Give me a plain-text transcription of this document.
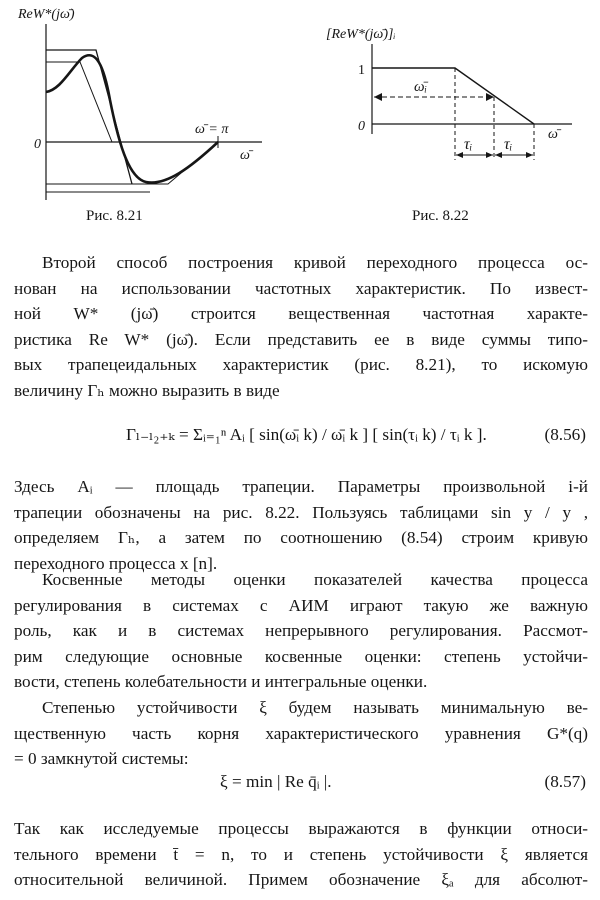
ReW*(jω̄)
0
ω̄
ω̄ = π
Рис. 8.21
[ReW*(jω̄)]ᵢ
1
0
ω̄
ω̄ᵢ
τᵢ τᵢ
Рис. 8.22
Второй способ построения кривой переходного процесса ос-
нован на использовании частотных характеристик. По извест-
ной W* (jω̄) строится вещественная частотная характе-
ристика Re W* (jω̄). Если представить ее в виде суммы типо-
вых трапецеидальных характеристик (рис. 8.21), то искомую
величину Γₕ можно выразить в виде
Γₗ₋ₗ₂₊ₖ = Σᵢ₌₁ⁿ Aᵢ [ sin(ω̄ᵢ k) / ω̄ᵢ k ] [ sin(τᵢ k) / τᵢ k ].	(8.56)
Здесь Aᵢ — площадь трапеции. Параметры произвольной i-й
трапеции обозначены на рис. 8.22. Пользуясь таблицами sin y / y ,
определяем Γₕ, а затем по соотношению (8.54) строим кривую
переходного процесса x [n].
Косвенные методы оценки показателей качества процесса
регулирования в системах с АИМ играют такую же важную
роль, как и в системах непрерывного регулирования. Рассмот-
рим следующие основные косвенные оценки: степень устойчи-
вости, степень колебательности и интегральные оценки.
Степенью устойчивости ξ будем называть минимальную ве-
щественную часть корня характеристического уравнения G*(q)
= 0 замкнутой системы:
ξ = min | Re q̄ᵢ |.	(8.57)
Так как исследуемые процессы выражаются в функции относи-
тельного времени t̄ = n, то и степень устойчивости ξ является
относительной величиной. Примем обозначение ξₐ для абсолют-
